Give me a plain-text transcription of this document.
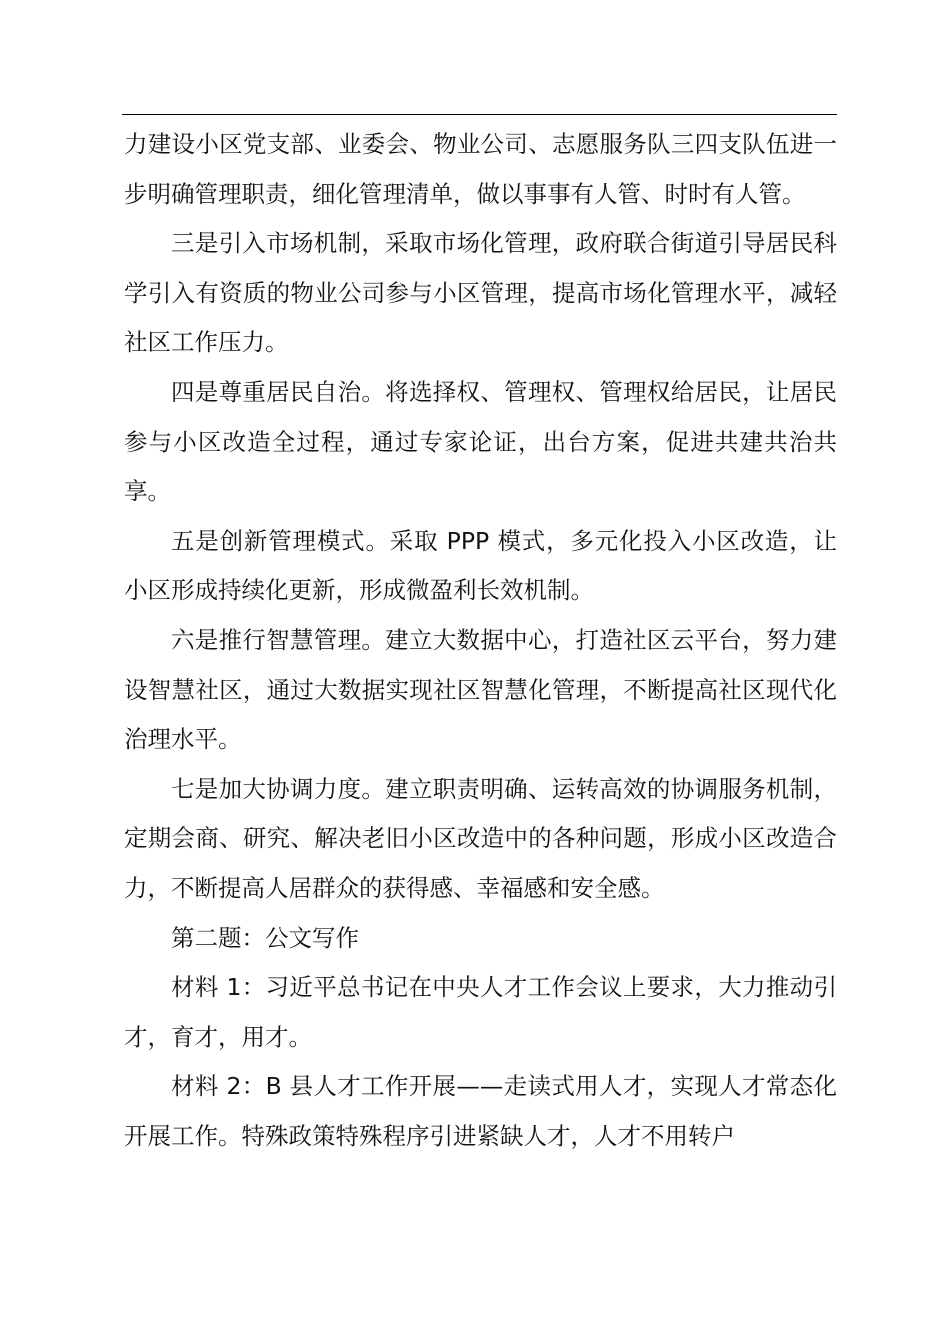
力建设小区党支部、业委会、物业公司、志愿服务队三四支队伍进一步明确管理职责，细化管理清单，做以事事有人管、时时有人管。

三是引入市场机制，采取市场化管理，政府联合街道引导居民科学引入有资质的物业公司参与小区管理，提高市场化管理水平，减轻社区工作压力。

四是尊重居民自治。将选择权、管理权、管理权给居民，让居民参与小区改造全过程，通过专家论证，出台方案，促进共建共治共享。

五是创新管理模式。采取 PPP 模式，多元化投入小区改造，让小区形成持续化更新，形成微盈利长效机制。

六是推行智慧管理。建立大数据中心，打造社区云平台，努力建设智慧社区，通过大数据实现社区智慧化管理，不断提高社区现代化治理水平。

七是加大协调力度。建立职责明确、运转高效的协调服务机制，定期会商、研究、解决老旧小区改造中的各种问题，形成小区改造合力，不断提高人居群众的获得感、幸福感和安全感。

第二题：公文写作

材料 1：习近平总书记在中央人才工作会议上要求，大力推动引才，育才，用才。

材料 2：B 县人才工作开展——走读式用人才，实现人才常态化开展工作。特殊政策特殊程序引进紧缺人才，人才不用转户
